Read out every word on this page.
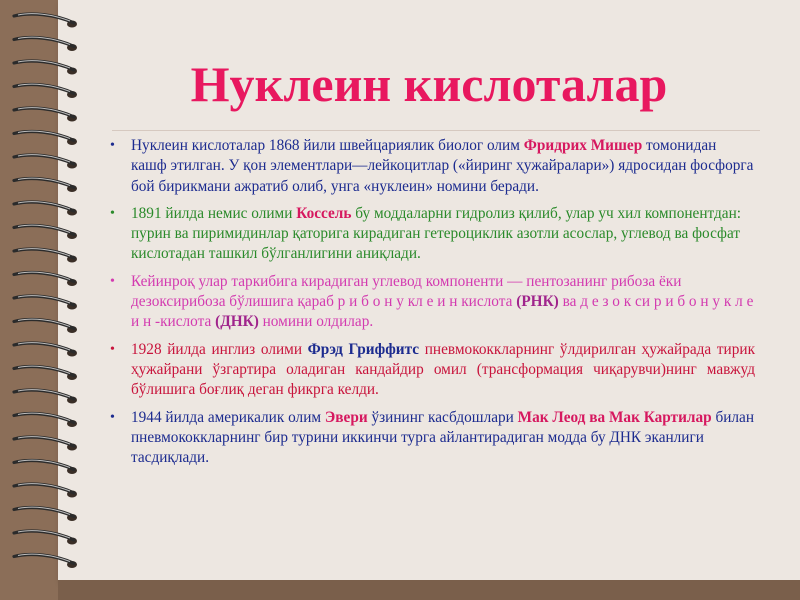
Нуклеин кислоталар
• Нуклеин кислоталар 1868 йили швейцариялик биолог олим Фридрих Мишер томонидан кашф этилган. У қон элементлари—лейкоцитлар («йиринг ҳужайралари») ядросидан фосфорга бой бирикмани ажратиб олиб, унга «нуклеин» номини беради.
• 1891 йилда немис олими Коссель бу моддаларни гидролиз қилиб, улар уч хил компонентдан: пурин ва пиримидинлар қаторига кирадиган гетероциклик азотли асослар, углевод ва фосфат кислотадан ташкил бўлганлигини аниқлади.
• Кейинроқ улар таркибига кирадиган углевод компоненти — пентозанинг рибоза ёки дезоксирибоза бўлишига қараб р и б о н у кл е и н кислота (РНК) ва д е з о к си р и б о н у к л е и н -кислота (ДНК) номини олдилар.
• 1928 йилда инглиз олими Фрэд Гриффитс пневмококкларнинг ўлдирилган ҳужайрада тирик ҳужайрани ўзгартира оладиган кандайдир омил (трансформация чиқарувчи)нинг мавжуд бўлишига боғлиқ деган фикрга келди.
• 1944 йилда америкалик олим Эвери ўзининг касбдошлари Мак Леод ва Мак Картилар билан пневмококкларнинг бир турини иккинчи турга айлантирадиган модда бу ДНК эканлиги тасдиқлади.
